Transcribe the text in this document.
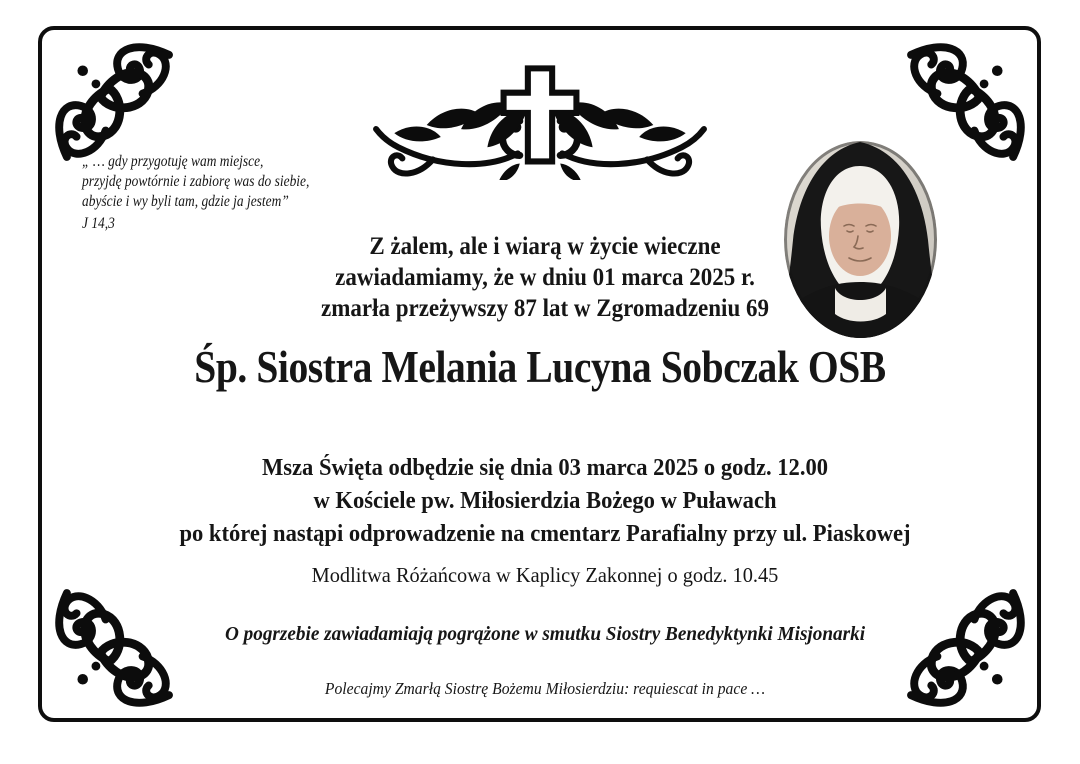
„ … gdy przygotuję wam miejsce,
przyjdę powtórnie i zabiorę was do siebie,
abyście i wy byli tam, gdzie ja jestem”
J 14,3
Z żalem, ale i wiarą w życie wieczne
zawiadamiamy, że w dniu 01 marca 2025 r.
zmarła przeżywszy 87 lat w Zgromadzeniu 69
Śp. Siostra Melania Lucyna Sobczak OSB
Msza Święta odbędzie się dnia 03 marca 2025 o godz. 12.00
w Kościele pw. Miłosierdzia Bożego w Puławach
po której nastąpi odprowadzenie na cmentarz Parafialny przy ul. Piaskowej
Modlitwa Różańcowa w Kaplicy Zakonnej o godz. 10.45
O pogrzebie zawiadamiają pogrążone w smutku Siostry Benedyktynki Misjonarki
Polecajmy Zmarłą Siostrę Bożemu Miłosierdziu: requiescat in pace …
